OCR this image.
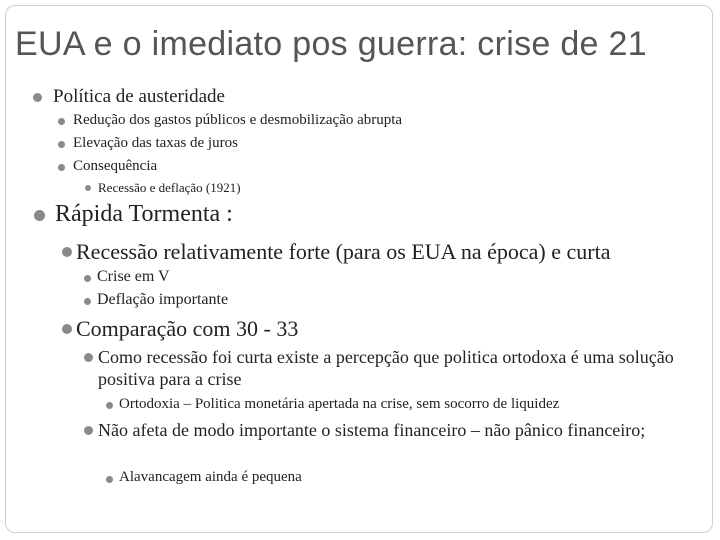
EUA e o imediato pos guerra: crise de 21
Política de austeridade
Redução dos gastos públicos e desmobilização abrupta
Elevação das taxas de juros
Consequência
Recessão e deflação (1921)
Rápida Tormenta :
Recessão relativamente forte (para os EUA na época) e curta
Crise em V
Deflação importante
Comparação com 30 - 33
Como recessão foi curta existe a percepção que politica ortodoxa é uma solução positiva para a crise
Ortodoxia – Politica monetária apertada na crise, sem socorro de liquidez
Não afeta de modo importante o sistema financeiro – não pânico financeiro;
Alavancagem ainda é pequena
